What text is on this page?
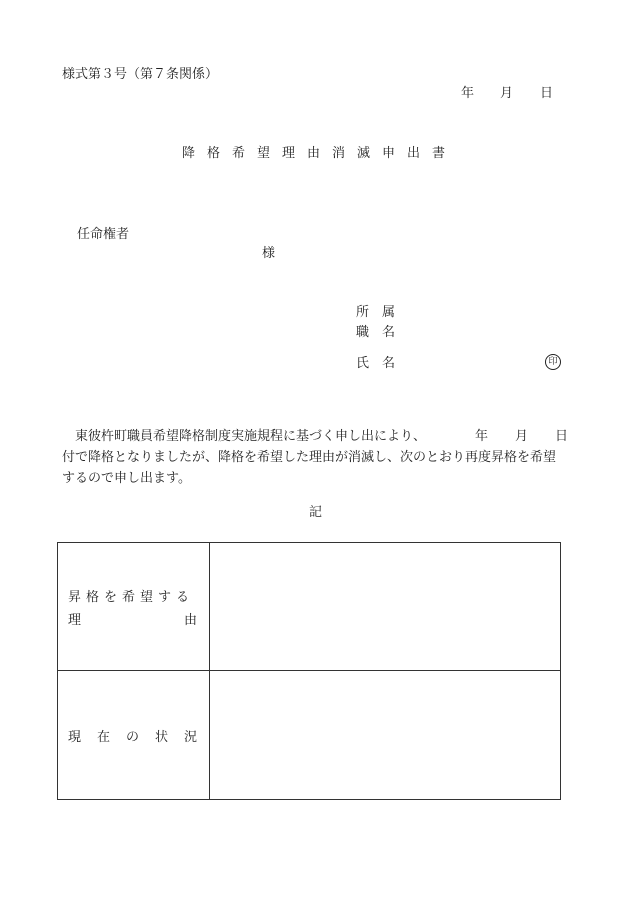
様式第３号（第７条関係）
年 月 日
降格希望理由消滅申出書
任命権者
様
所　属
職　名
氏　名	印
東彼杵町職員希望降格制度実施規程に基づく申し出により、	年 月 日
付で降格となりましたが、降格を希望した理由が消滅し、次のとおり再度昇格を希望
するので申し出ます。
記
昇格を希望する
理 由	

現 在 の 状 況	
